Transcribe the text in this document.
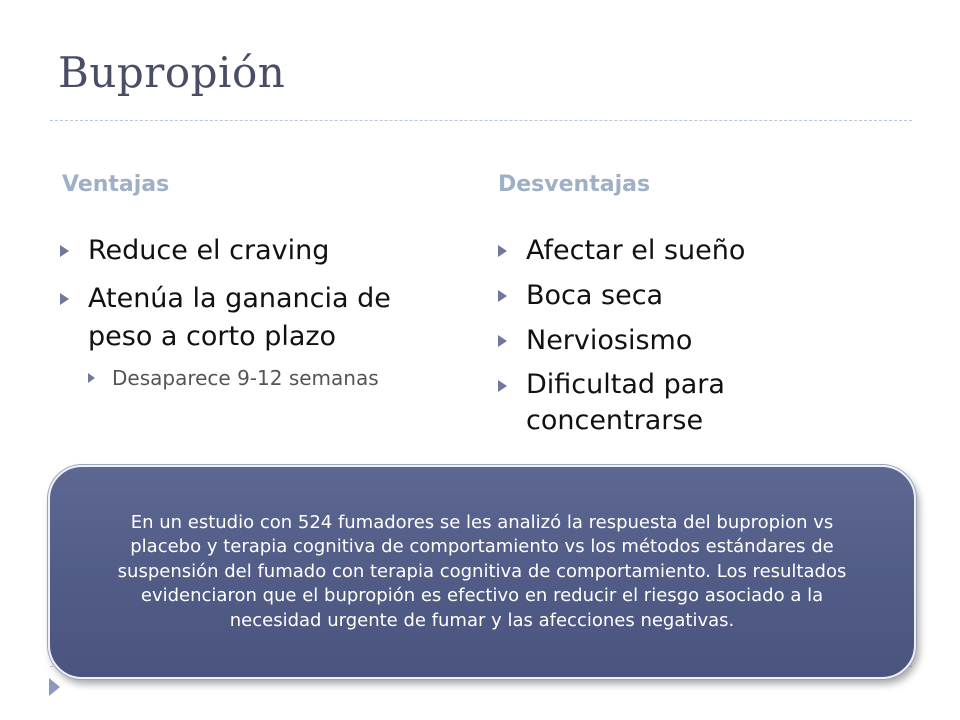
Bupropión
Ventajas	Desventajas
Reduce el craving
Atenúa la ganancia de peso a corto plazo
Desaparece 9-12 semanas
Afectar el sueño
Boca seca
Nerviosismo
Dificultad para concentrarse

En un estudio con 524 fumadores se les analizó la respuesta del bupropion vs placebo y terapia cognitiva de comportamiento vs los métodos estándares de suspensión del fumado con terapia cognitiva de comportamiento. Los resultados evidenciaron que el bupropión es efectivo en reducir el riesgo asociado a la necesidad urgente de fumar y las afecciones negativas.
